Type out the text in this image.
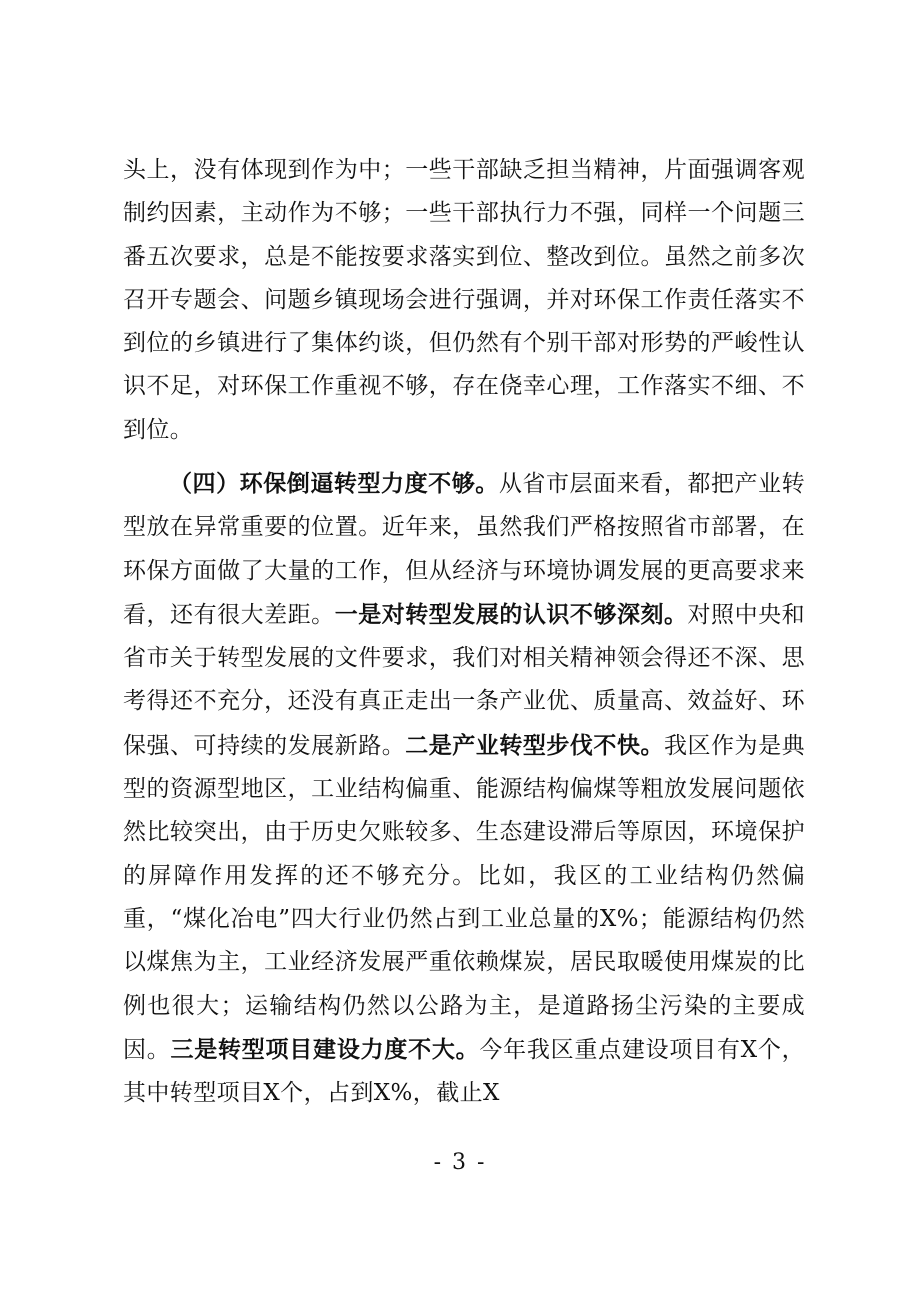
头上，没有体现到作为中；一些干部缺乏担当精神，片面强调客观制约因素，主动作为不够；一些干部执行力不强，同样一个问题三番五次要求，总是不能按要求落实到位、整改到位。虽然之前多次召开专题会、问题乡镇现场会进行强调，并对环保工作责任落实不到位的乡镇进行了集体约谈，但仍然有个别干部对形势的严峻性认识不足，对环保工作重视不够，存在侥幸心理，工作落实不细、不到位。

（四）环保倒逼转型力度不够。从省市层面来看，都把产业转型放在异常重要的位置。近年来，虽然我们严格按照省市部署，在环保方面做了大量的工作，但从经济与环境协调发展的更高要求来看，还有很大差距。一是对转型发展的认识不够深刻。对照中央和省市关于转型发展的文件要求，我们对相关精神领会得还不深、思考得还不充分，还没有真正走出一条产业优、质量高、效益好、环保强、可持续的发展新路。二是产业转型步伐不快。我区作为是典型的资源型地区，工业结构偏重、能源结构偏煤等粗放发展问题依然比较突出，由于历史欠账较多、生态建设滞后等原因，环境保护的屏障作用发挥的还不够充分。比如，我区的工业结构仍然偏重，“煤化冶电”四大行业仍然占到工业总量的X%；能源结构仍然以煤焦为主，工业经济发展严重依赖煤炭，居民取暖使用煤炭的比例也很大；运输结构仍然以公路为主，是道路扬尘污染的主要成因。三是转型项目建设力度不大。今年我区重点建设项目有X个，其中转型项目X个，占到X%，截止X

- 3 -
